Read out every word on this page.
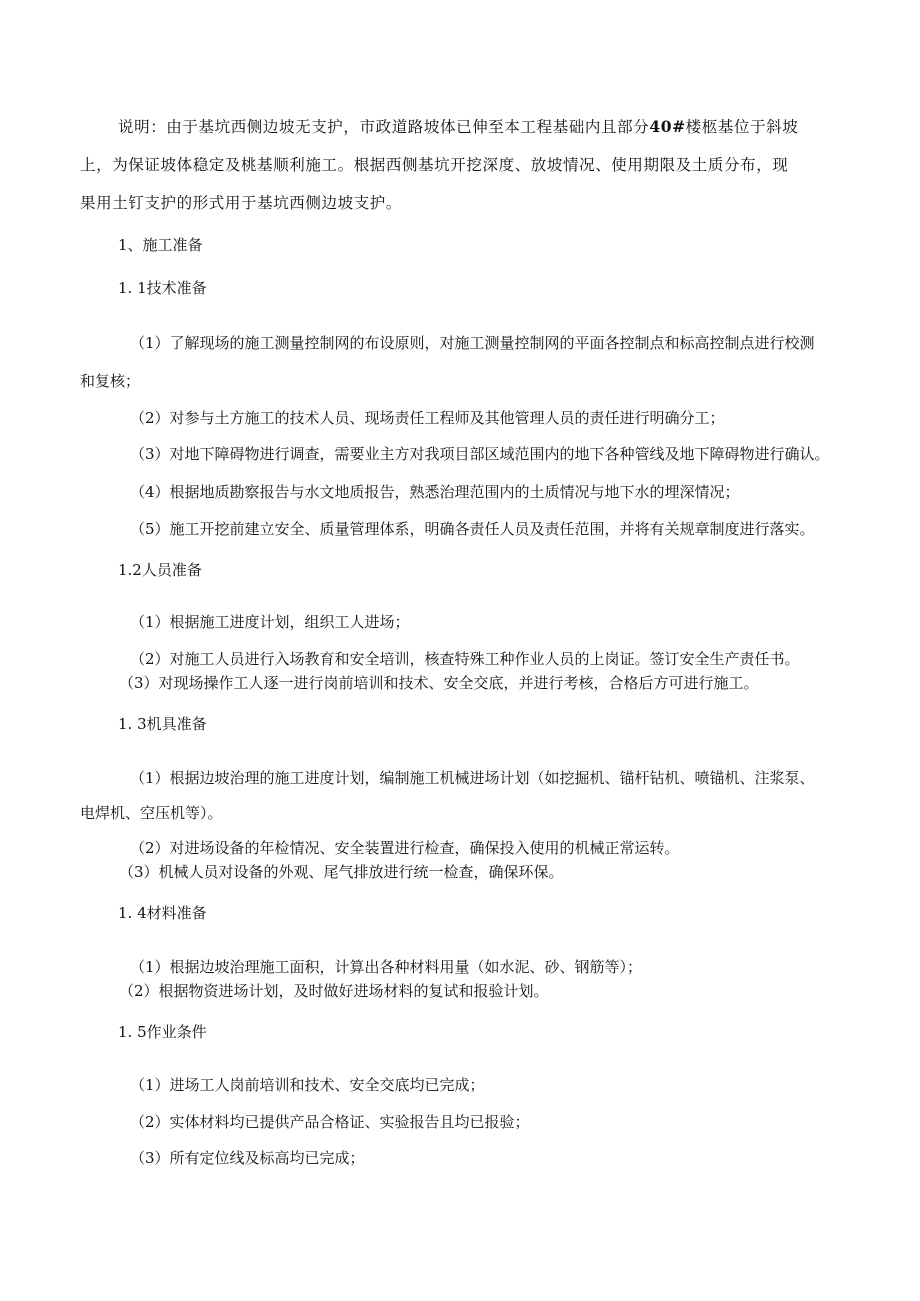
说明：由于基坑西侧边坡无支护，市政道路坡体已伸至本工程基础内且部分40#楼柩基位于斜坡
上，为保证坡体稳定及桃基顺利施工。根据西侧基坑开挖深度、放坡情况、使用期限及土质分布，现
果用土钉支护的形式用于基坑西侧边坡支护。
1、施工准备
1. 1技术准备
（1）了解现场的施工测量控制网的布设原则，对施工测量控制网的平面各控制点和标高控制点进行校测
和复核；
（2）对参与土方施工的技术人员、现场责任工程师及其他管理人员的责任进行明确分工；
（3）对地下障碍物进行调查，需要业主方对我项目部区域范围内的地下各种管线及地下障碍物进行确认。
（4）根据地质勘察报告与水文地质报告，熟悉治理范围内的土质情况与地下水的埋深情况；
（5）施工开挖前建立安全、质量管理体系，明确各责任人员及责任范围，并将有关规章制度进行落实。
1.2人员准备
（1）根据施工进度计划，组织工人进场；
（2）对施工人员进行入场教育和安全培训，核查特殊工种作业人员的上岗证。签订安全生产责任书。
（3）对现场操作工人逐一进行岗前培训和技术、安全交底，并进行考核，合格后方可进行施工。
1. 3机具准备
（1）根据边坡治理的施工进度计划，编制施工机械进场计划（如挖掘机、锚杆钻机、喷锚机、注浆泵、
电焊机、空压机等）。
（2）对进场设备的年检情况、安全装置进行检查，确保投入使用的机械正常运转。
（3）机械人员对设备的外观、尾气排放进行统一检查，确保环保。
1. 4材料准备
（1）根据边坡治理施工面积，计算出各种材料用量（如水泥、砂、钢筋等）；
（2）根据物资进场计划，及时做好进场材料的复试和报验计划。
1. 5作业条件
（1）进场工人岗前培训和技术、安全交底均已完成；
（2）实体材料均已提供产品合格证、实验报告且均已报验；
（3）所有定位线及标高均已完成；
